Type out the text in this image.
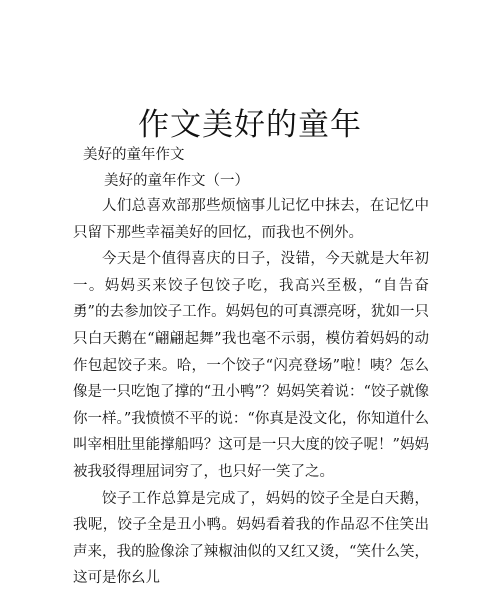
作文美好的童年
美好的童年作文
美好的童年作文（一）

人们总喜欢部那些烦恼事儿记忆中抹去，在记忆中只留下那些幸福美好的回忆，而我也不例外。

今天是个值得喜庆的日子，没错，今天就是大年初一。妈妈买来饺子包饺子吃，我高兴至极，“自告奋勇”的去参加饺子工作。妈妈包的可真漂亮呀，犹如一只只白天鹅在“翩翩起舞”我也毫不示弱，模仿着妈妈的动作包起饺子来。哈，一个饺子“闪亮登场”啦！咦？怎么像是一只吃饱了撑的“丑小鸭”？妈妈笑着说：“饺子就像你一样。”我愤愤不平的说：“你真是没文化，你知道什么叫宰相肚里能撑船吗？这可是一只大度的饺子呢！”妈妈被我驳得理屈词穷了，也只好一笑了之。

饺子工作总算是完成了，妈妈的饺子全是白天鹅，我呢，饺子全是丑小鸭。妈妈看着我的作品忍不住笑出声来，我的脸像涂了辣椒油似的又红又烫，“笑什么笑，这可是你幺儿
